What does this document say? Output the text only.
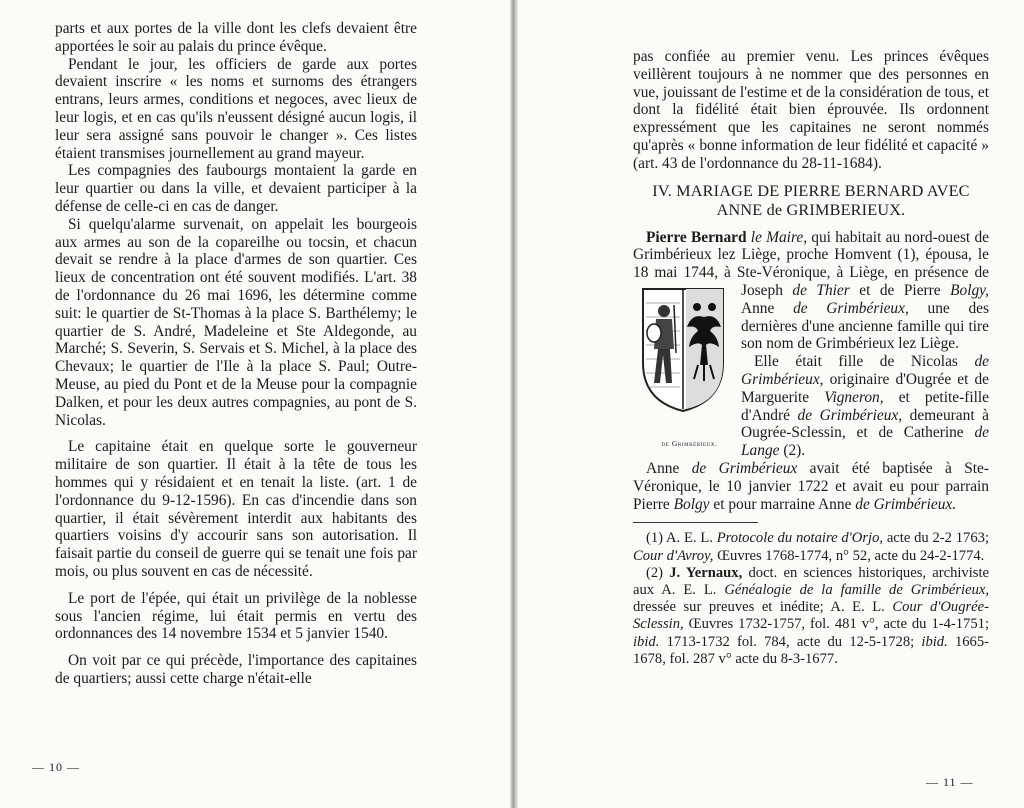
parts et aux portes de la ville dont les clefs devaient être apportées le soir au palais du prince évêque.

Pendant le jour, les officiers de garde aux portes devaient inscrire « les noms et surnoms des étrangers entrans, leurs armes, conditions et negoces, avec lieux de leur logis, et en cas qu'ils n'eussent désigné aucun logis, il leur sera assigné sans pouvoir le changer ». Ces listes étaient transmises journellement au grand mayeur.

Les compagnies des faubourgs montaient la garde en leur quartier ou dans la ville, et devaient participer à la défense de celle-ci en cas de danger.

Si quelqu'alarme survenait, on appelait les bourgeois aux armes au son de la copareilhe ou tocsin, et chacun devait se rendre à la place d'armes de son quartier. Ces lieux de concentration ont été souvent modifiés. L'art. 38 de l'ordonnance du 26 mai 1696, les détermine comme suit: le quartier de St-Thomas à la place S. Barthélemy; le quartier de S. André, Madeleine et Ste Aldegonde, au Marché; S. Severin, S. Servais et S. Michel, à la place des Chevaux; le quartier de l'Ile à la place S. Paul; Outre-Meuse, au pied du Pont et de la Meuse pour la compagnie Dalken, et pour les deux autres compagnies, au pont de S. Nicolas.

Le capitaine était en quelque sorte le gouverneur militaire de son quartier. Il était à la tête de tous les hommes qui y résidaient et en tenait la liste. (art. 1 de l'ordonnance du 9-12-1596). En cas d'incendie dans son quartier, il était sévèrement interdit aux habitants des quartiers voisins d'y accourir sans son autorisation. Il faisait partie du conseil de guerre qui se tenait une fois par mois, ou plus souvent en cas de nécessité.

Le port de l'épée, qui était un privilège de la noblesse sous l'ancien régime, lui était permis en vertu des ordonnances des 14 novembre 1534 et 5 janvier 1540.

On voit par ce qui précède, l'importance des capitaines de quartiers; aussi cette charge n'était-elle

— 10 —

pas confiée au premier venu. Les princes évêques veillèrent toujours à ne nommer que des personnes en vue, jouissant de l'estime et de la considération de tous, et dont la fidélité était bien éprouvée. Ils ordonnent expressément que les capitaines ne seront nommés qu'après « bonne information de leur fidélité et capacité » (art. 43 de l'ordonnance du 28-11-1684).

IV. MARIAGE DE PIERRE BERNARD AVEC
ANNE de GRIMBERIEUX.

Pierre Bernard le Maire, qui habitait au nord-ouest de Grimbérieux lez Liège, proche Homvent (1), épousa, le 18 mai 1744, à Ste-Véronique, à Liège, en présence de Joseph
de Grimbérieux.
de Thier et de Pierre Bolgy, Anne de Grimbérieux, une des dernières d'une ancienne famille qui tire son nom de Grimbérieux lez Liège.

Elle était fille de Nicolas de Grimbérieux, originaire d'Ougrée et de Marguerite Vigneron, et petite-fille d'André de Grimbérieux, demeurant à Ougrée-Sclessin, et de Catherine de Lange (2).

Anne de Grimbérieux avait été baptisée à Ste-Véronique, le 10 janvier 1722 et avait eu pour parrain Pierre Bolgy et pour marraine Anne de Grimbérieux.

(1) A. E. L. Protocole du notaire d'Orjo, acte du 2-2 1763; Cour d'Avroy, Œuvres 1768-1774, n° 52, acte du 24-2-1774.

(2) J. Yernaux, doct. en sciences historiques, archiviste aux A. E. L. Généalogie de la famille de Grimbérieux, dressée sur preuves et inédite; A. E. L. Cour d'Ougrée-Sclessin, Œuvres 1732-1757, fol. 481 v°, acte du 1-4-1751; ibid. 1713-1732 fol. 784, acte du 12-5-1728; ibid. 1665-1678, fol. 287 v° acte du 8-3-1677.

— 11 —
